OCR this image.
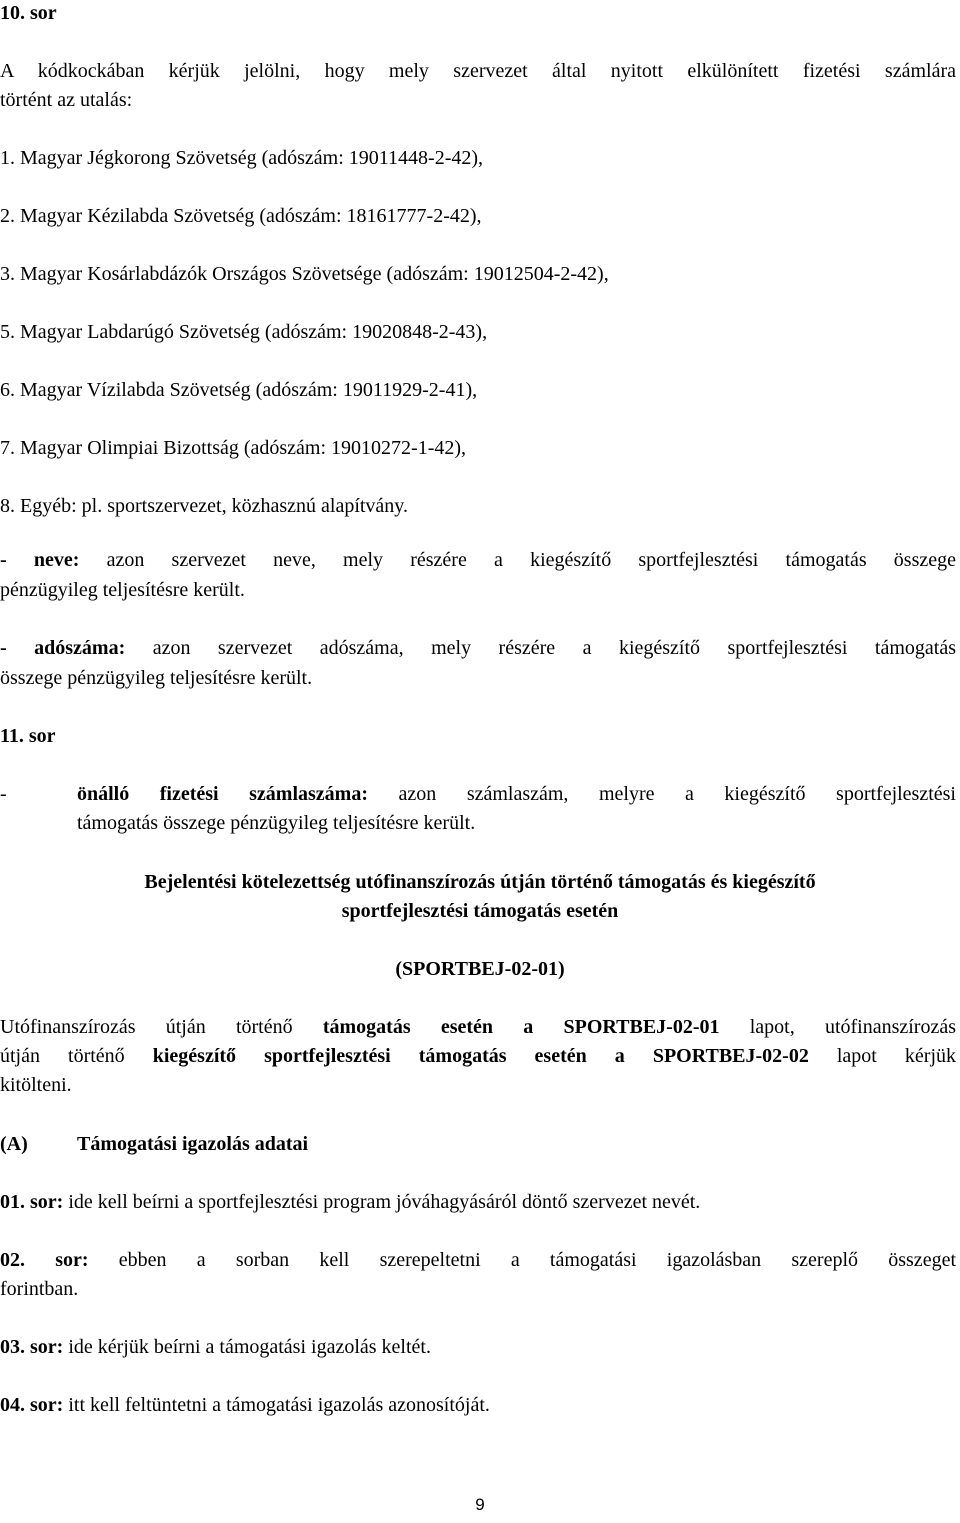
10. sor
A kódkockában kérjük jelölni, hogy mely szervezet által nyitott elkülönített fizetési számlára
történt az utalás:
1. Magyar Jégkorong Szövetség (adószám: 19011448-2-42),
2. Magyar Kézilabda Szövetség (adószám: 18161777-2-42),
3. Magyar Kosárlabdázók Országos Szövetsége (adószám: 19012504-2-42),
5. Magyar Labdarúgó Szövetség (adószám: 19020848-2-43),
6. Magyar Vízilabda Szövetség (adószám: 19011929-2-41),
7. Magyar Olimpiai Bizottság (adószám: 19010272-1-42),
8. Egyéb: pl. sportszervezet, közhasznú alapítvány.
- neve: azon szervezet neve, mely részére a kiegészítő sportfejlesztési támogatás összege
pénzügyileg teljesítésre került.
- adószáma: azon szervezet adószáma, mely részére a kiegészítő sportfejlesztési támogatás
összege pénzügyileg teljesítésre került.
11. sor
-	önálló fizetési számlaszáma: azon számlaszám, melyre a kiegészítő sportfejlesztési
támogatás összege pénzügyileg teljesítésre került.
Bejelentési kötelezettség utófinanszírozás útján történő támogatás és kiegészítő
sportfejlesztési támogatás esetén
(SPORTBEJ-02-01)
Utófinanszírozás útján történő támogatás esetén a SPORTBEJ-02-01 lapot, utófinanszírozás
útján történő kiegészítő sportfejlesztési támogatás esetén a SPORTBEJ-02-02 lapot kérjük
kitölteni.
(A) Támogatási igazolás adatai
01. sor: ide kell beírni a sportfejlesztési program jóváhagyásáról döntő szervezet nevét.
02. sor: ebben a sorban kell szerepeltetni a támogatási igazolásban szereplő összeget
forintban.
03. sor: ide kérjük beírni a támogatási igazolás keltét.
04. sor: itt kell feltüntetni a támogatási igazolás azonosítóját.
9
